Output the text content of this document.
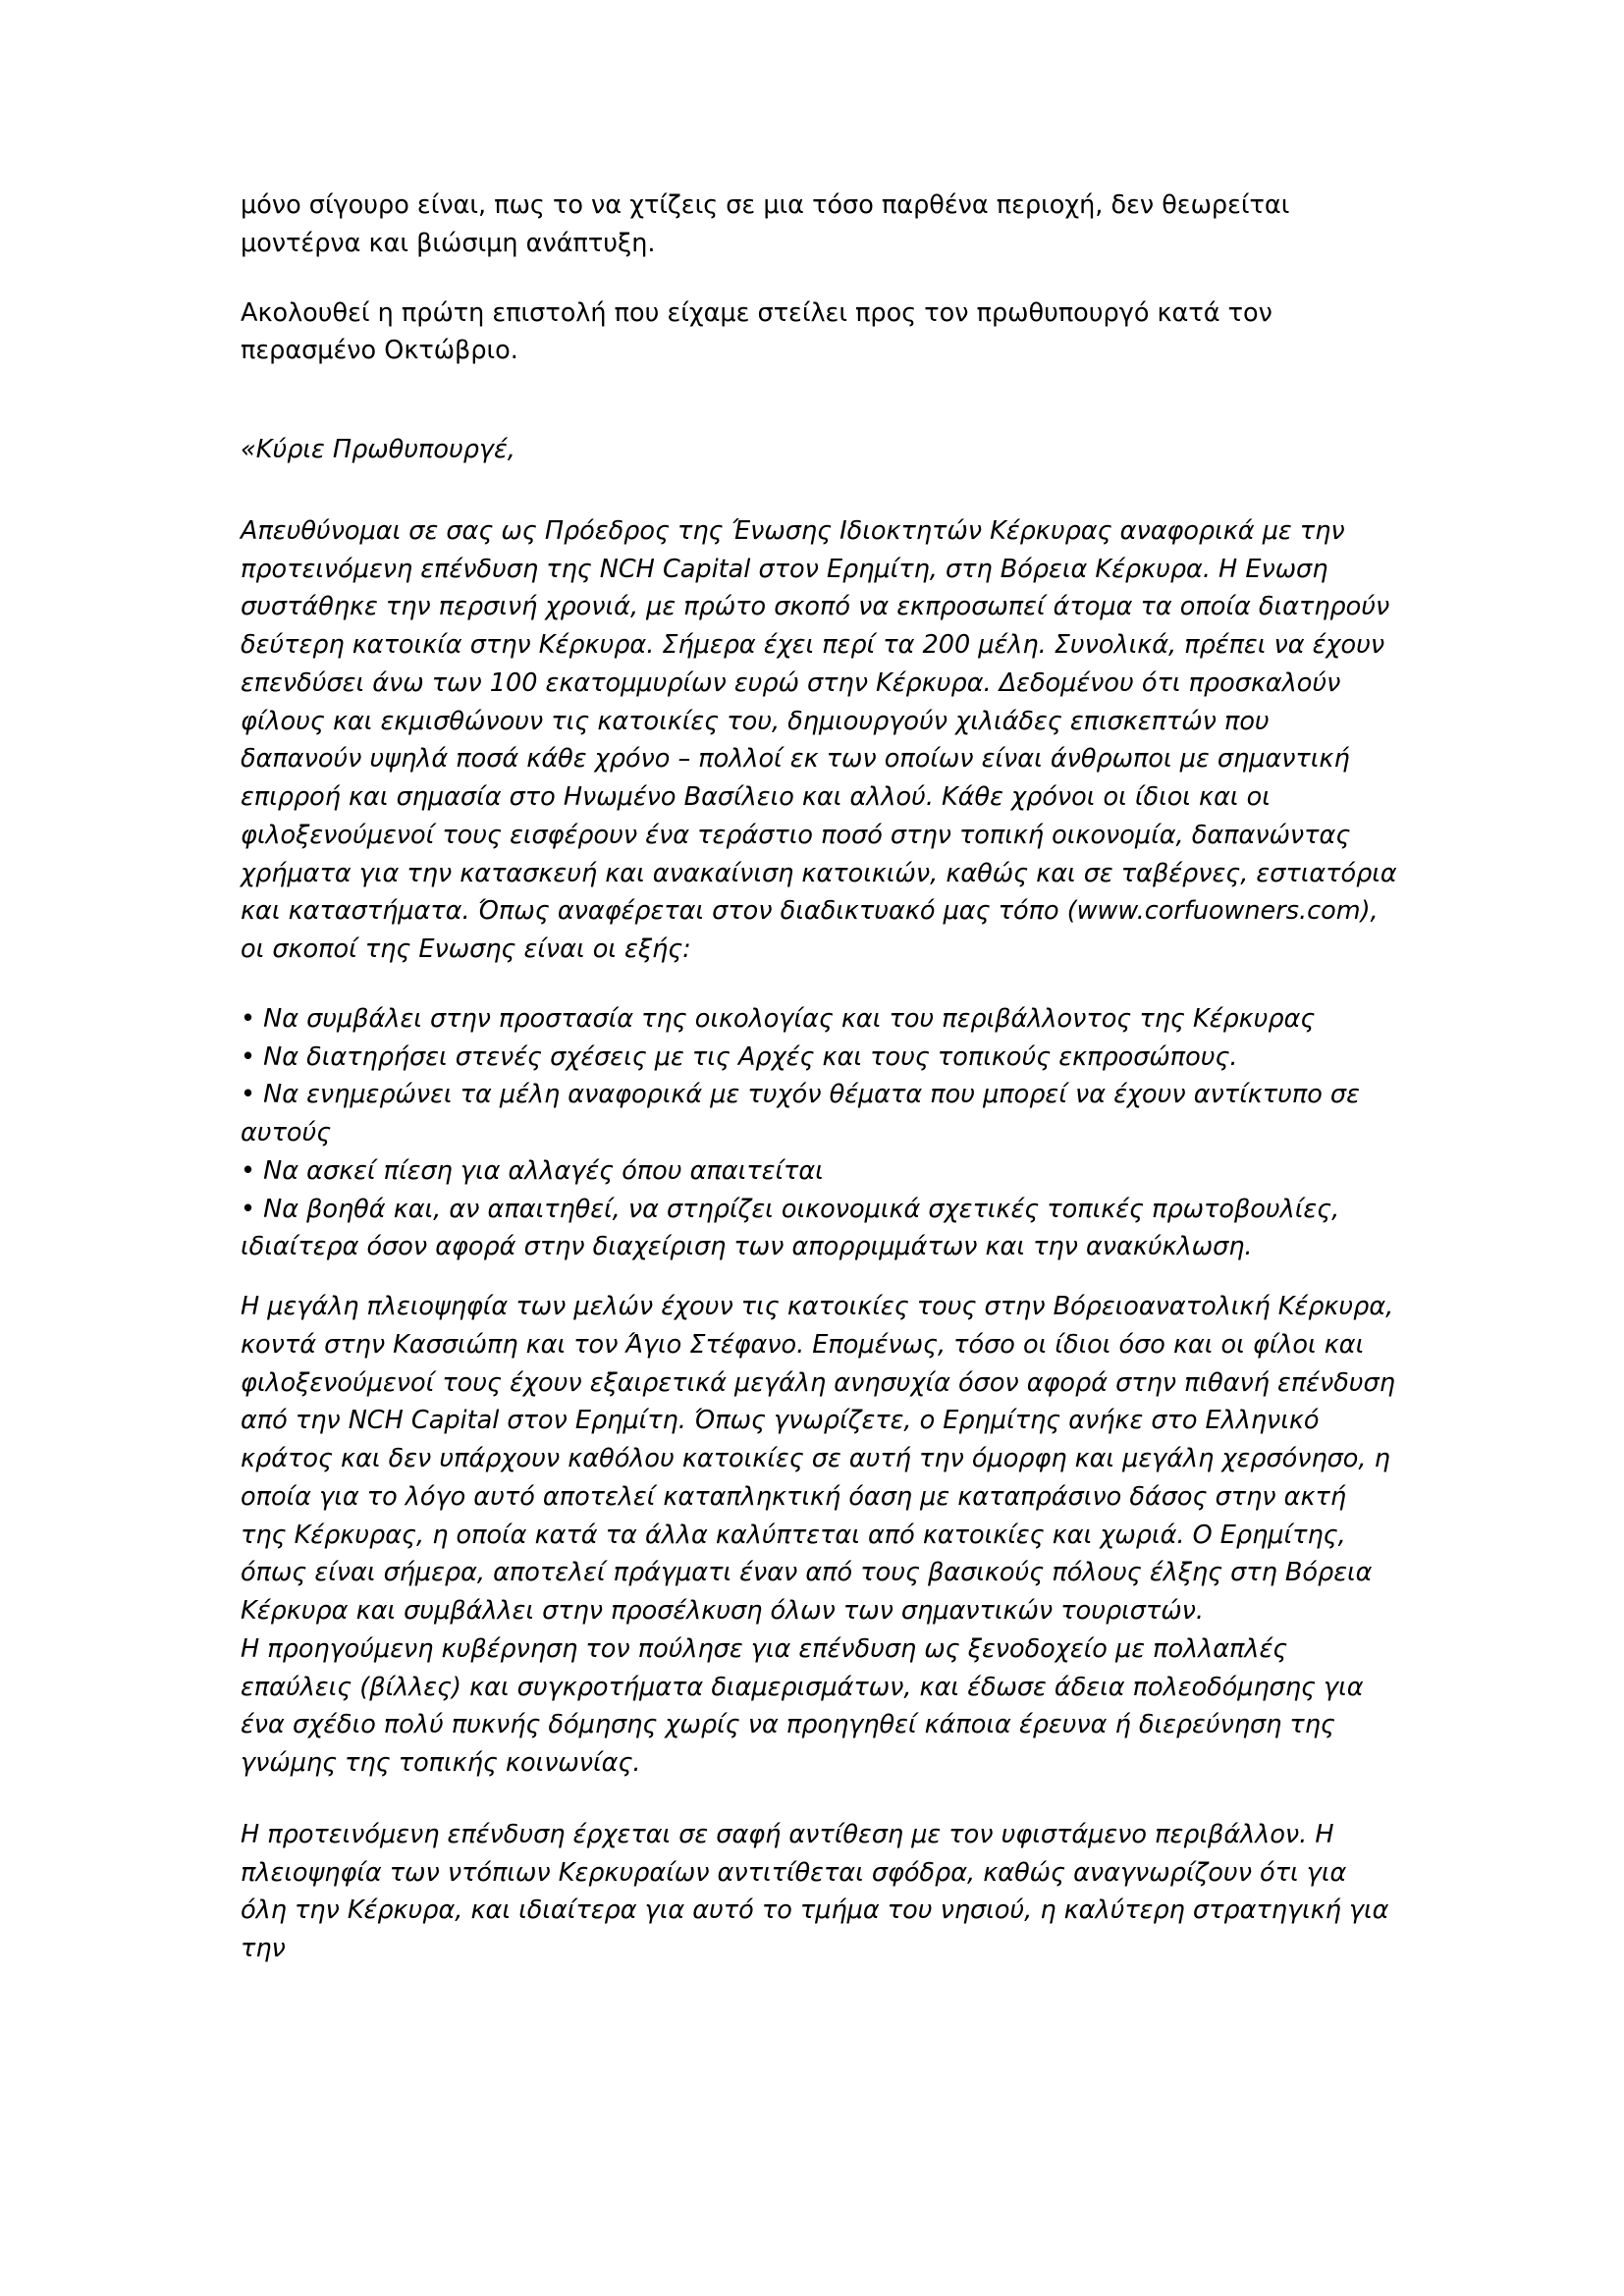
μόνο σίγουρο είναι, πως το να χτίζεις σε μια τόσο παρθένα περιοχή, δεν θεωρείται μοντέρνα και βιώσιμη ανάπτυξη.

Ακολουθεί η πρώτη επιστολή που είχαμε στείλει προς τον πρωθυπουργό κατά τον περασμένο Οκτώβριο.

«Κύριε Πρωθυπουργέ,

Απευθύνομαι σε σας ως Πρόεδρος της Ένωσης Ιδιοκτητών Κέρκυρας αναφορικά με την προτεινόμενη επένδυση της NCH Capital στον Ερημίτη, στη Βόρεια Κέρκυρα. Η Ενωση συστάθηκε την περσινή χρονιά, με πρώτο σκοπό να εκπροσωπεί άτομα τα οποία διατηρούν δεύτερη κατοικία στην Κέρκυρα. Σήμερα έχει περί τα 200 μέλη. Συνολικά, πρέπει να έχουν επενδύσει άνω των 100 εκατομμυρίων ευρώ στην Κέρκυρα. Δεδομένου ότι προσκαλούν φίλους και εκμισθώνουν τις κατοικίες του, δημιουργούν χιλιάδες επισκεπτών που δαπανούν υψηλά ποσά κάθε χρόνο – πολλοί εκ των οποίων είναι άνθρωποι με σημαντική επιρροή και σημασία στο Ηνωμένο Βασίλειο και αλλού. Κάθε χρόνοι οι ίδιοι και οι φιλοξενούμενοί τους εισφέρουν ένα τεράστιο ποσό στην τοπική οικονομία, δαπανώντας χρήματα για την κατασκευή και ανακαίνιση κατοικιών, καθώς και σε ταβέρνες, εστιατόρια και καταστήματα. Όπως αναφέρεται στον διαδικτυακό μας τόπο (www.corfuowners.com), οι σκοποί της Ενωσης είναι οι εξής:

• Να συμβάλει στην προστασία της οικολογίας και του περιβάλλοντος της Κέρκυρας

• Να διατηρήσει στενές σχέσεις με τις Αρχές και τους τοπικούς εκπροσώπους.

• Να ενημερώνει τα μέλη αναφορικά με τυχόν θέματα που μπορεί να έχουν αντίκτυπο σε αυτούς

• Να ασκεί πίεση για αλλαγές όπου απαιτείται

• Να βοηθά και, αν απαιτηθεί, να στηρίζει οικονομικά σχετικές τοπικές πρωτοβουλίες, ιδιαίτερα όσον αφορά στην διαχείριση των απορριμμάτων και την ανακύκλωση.

Η μεγάλη πλειοψηφία των μελών έχουν τις κατοικίες τους στην Βόρειοανατολική Κέρκυρα, κοντά στην Κασσιώπη και τον Άγιο Στέφανο. Επομένως, τόσο οι ίδιοι όσο και οι φίλοι και φιλοξενούμενοί τους έχουν εξαιρετικά μεγάλη ανησυχία όσον αφορά στην πιθανή επένδυση από την NCH Capital στον Ερημίτη. Όπως γνωρίζετε, ο Ερημίτης ανήκε στο Ελληνικό κράτος και δεν υπάρχουν καθόλου κατοικίες σε αυτή την όμορφη και μεγάλη χερσόνησο, η οποία για το λόγο αυτό αποτελεί καταπληκτική όαση με καταπράσινο δάσος στην ακτή της Κέρκυρας, η οποία κατά τα άλλα καλύπτεται από κατοικίες και χωριά. Ο Ερημίτης, όπως είναι σήμερα, αποτελεί πράγματι έναν από τους βασικούς πόλους έλξης στη Βόρεια Κέρκυρα και συμβάλλει στην προσέλκυση όλων των σημαντικών τουριστών.

Η προηγούμενη κυβέρνηση τον πούλησε για επένδυση ως ξενοδοχείο με πολλαπλές επαύλεις (βίλλες) και συγκροτήματα διαμερισμάτων, και έδωσε άδεια πολεοδόμησης για ένα σχέδιο πολύ πυκνής δόμησης χωρίς να προηγηθεί κάποια έρευνα ή διερεύνηση της γνώμης της τοπικής κοινωνίας.

Η προτεινόμενη επένδυση έρχεται σε σαφή αντίθεση με τον υφιστάμενο περιβάλλον. Η πλειοψηφία των ντόπιων Κερκυραίων αντιτίθεται σφόδρα, καθώς αναγνωρίζουν ότι για όλη την Κέρκυρα, και ιδιαίτερα για αυτό το τμήμα του νησιού, η καλύτερη στρατηγική για την
